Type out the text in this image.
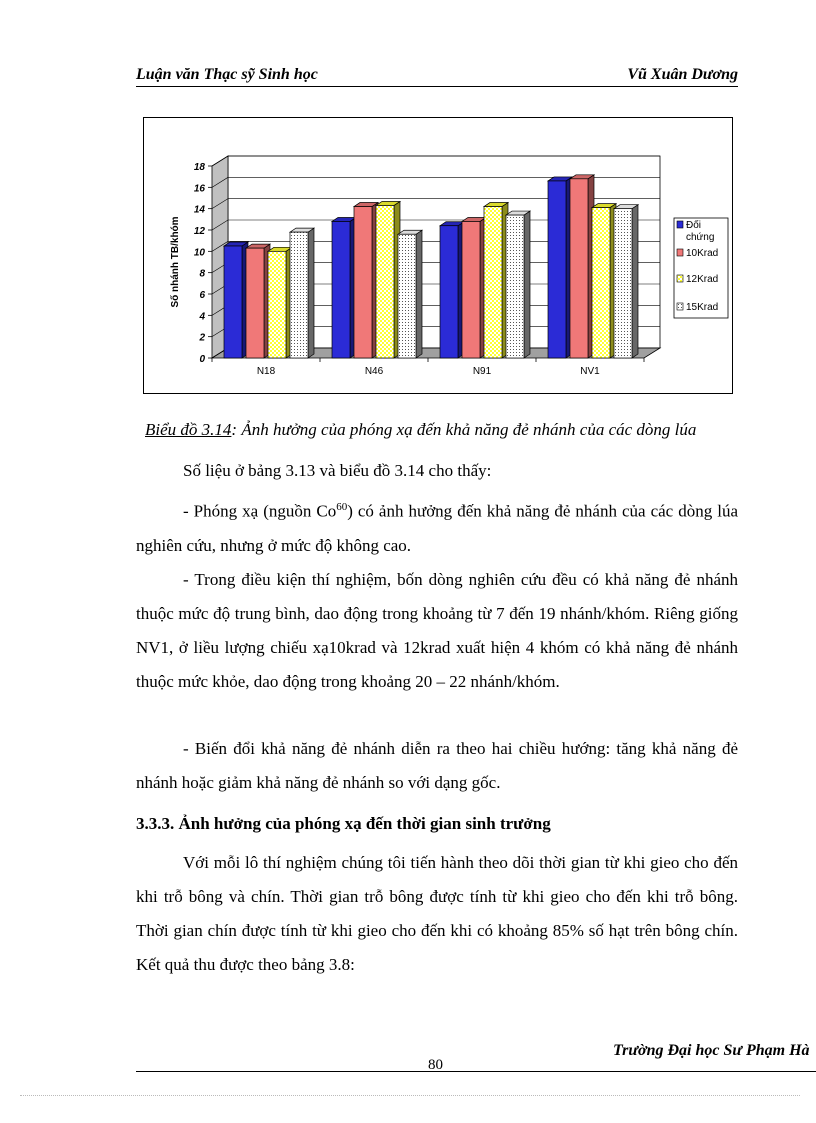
Luận văn Thạc sỹ Sinh học	Vũ Xuân Dương
0
2
4
6
8
10
12
14
16
18
Số nhánh TB/khóm
N18	N46	N91	NV1
Đối
chứng
10Krad
12Krad
15Krad
Biểu đồ 3.14: Ảnh hưởng của phóng xạ đến khả năng đẻ nhánh của các dòng lúa
Số liệu ở bảng 3.13 và biểu đồ 3.14 cho thấy:
- Phóng xạ (nguồn Co$^{60}$) có ảnh hưởng đến khả năng đẻ nhánh của các dòng lúa nghiên cứu, nhưng ở mức độ không cao.
- Trong điều kiện thí nghiệm, bốn dòng nghiên cứu đều có khả năng đẻ nhánh thuộc mức độ trung bình, dao động trong khoảng từ 7 đến 19 nhánh/khóm. Riêng giống NV1, ở liều lượng chiếu xạ10krad và 12krad xuất hiện 4 khóm có khả năng đẻ nhánh thuộc mức khỏe, dao động trong khoảng 20 – 22 nhánh/khóm.
- Biến đổi khả năng đẻ nhánh diễn ra theo hai chiều hướng: tăng khả năng đẻ nhánh hoặc giảm khả năng đẻ nhánh so với dạng gốc.
3.3.3. Ảnh hưởng của phóng xạ đến thời gian sinh trưởng
Với mỗi lô thí nghiệm chúng tôi tiến hành theo dõi thời gian từ khi gieo cho đến khi trỗ bông và chín. Thời gian trỗ bông được tính từ khi gieo cho đến khi trỗ bông. Thời gian chín được tính từ khi gieo cho đến khi có khoảng 85% số hạt trên bông chín. Kết quả thu được theo bảng 3.8:
Trường Đại học Sư Phạm Hà
80
